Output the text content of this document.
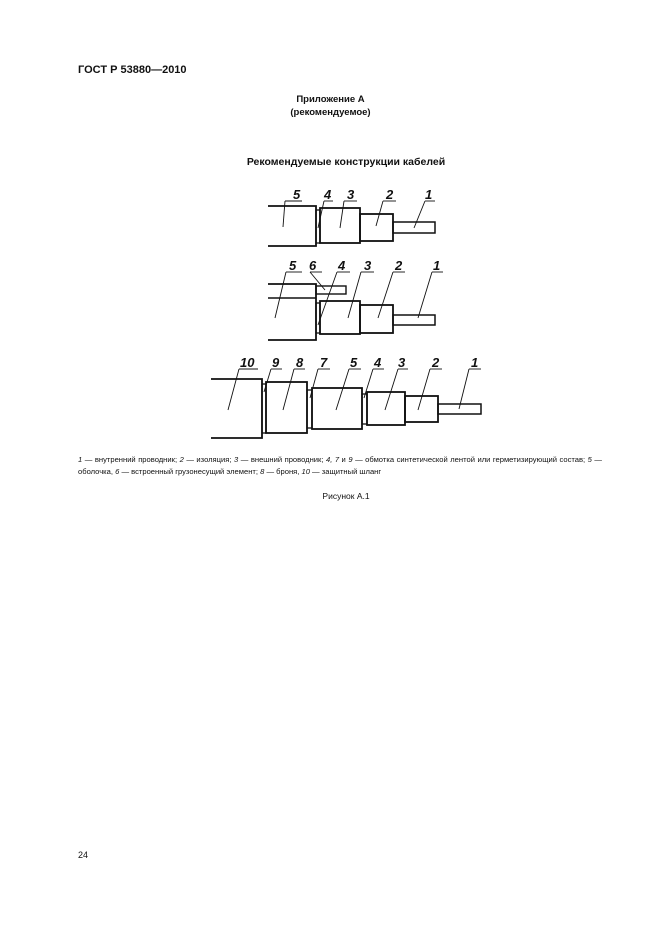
ГОСТ Р 53880—2010
Приложение А
(рекомендуемое)
Рекомендуемые конструкции кабелей
5 4 3 2 1
5 6 4 3 2 1
10 9 8 7 5 4 3 2 1
1 — внутренний проводник; 2 — изоляция; 3 — внешний проводник; 4, 7 и 9 — обмотка синтетической лентой или герметизирующий состав; 5 — оболочка, 6 — встроенный грузонесущий элемент; 8 — броня, 10 — защитный шланг
Рисунок А.1
24
